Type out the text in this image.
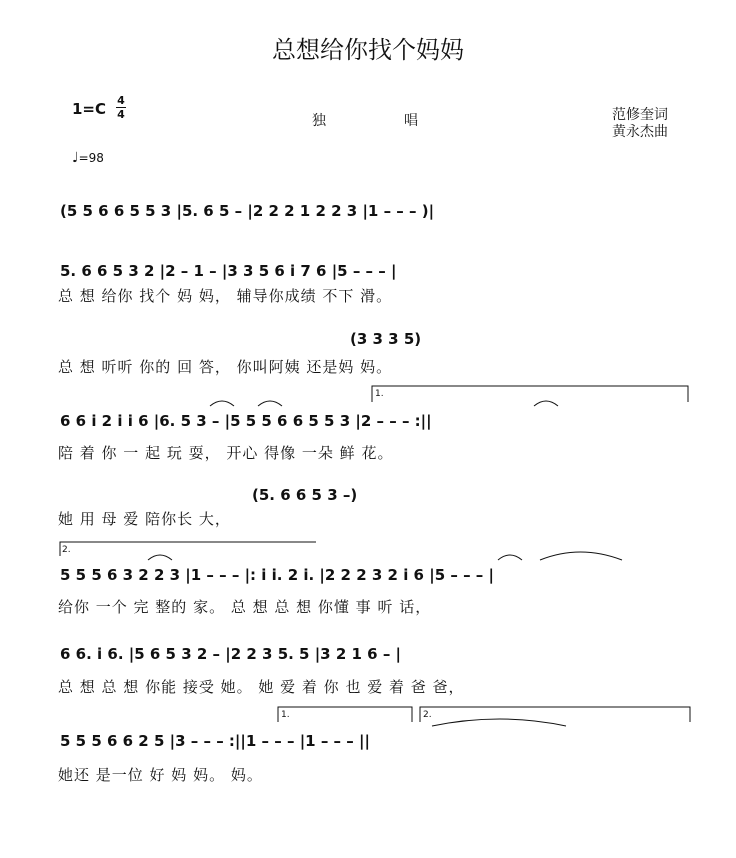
总想给你找个妈妈
1=C 4
4
♩=98
独	唱	范修奎词
黄永杰曲
(5 5 6 6 5 5 3 |5. 6 5 – |2 2 2 1 2 2 3 |1 – – – )|
5. 6 6 5 3 2 |2 – 1 – |3 3 5 6 i 7 6 |5 – – – |
总 想 给你 找个 妈 妈， 辅导你成绩 不下 滑。
(3 3 3 5)
总 想 听听 你的 回 答， 你叫阿姨 还是妈 妈。
6 6 i 2 i i 6 |6. 5 3 – |5 5 5 6 6 5 5 3 |2 – – – :||
陪 着 你 一 起 玩 耍， 开心 得像 一朵 鲜 花。
(5. 6 6 5 3 –)
她 用 母 爱 陪你长 大，
5 5 5 6 3 2 2 3 |1 – – – |: i i. 2 i. |2 2 2 3 2 i 6 |5 – – – |
给你 一个 完 整的 家。 总 想 总 想 你懂 事 听 话，
6 6. i 6. |5 6 5 3 2 – |2 2 3 5. 5 |3 2 1 6 – |
总 想 总 想 你能 接受 她。 她 爱 着 你 也 爱 着 爸 爸，
5 5 5 6 6 2 5 |3 – – – :||1 – – – |1 – – – ||
她还 是一位 好 妈 妈。 妈。
1.
2.
1.	2.
